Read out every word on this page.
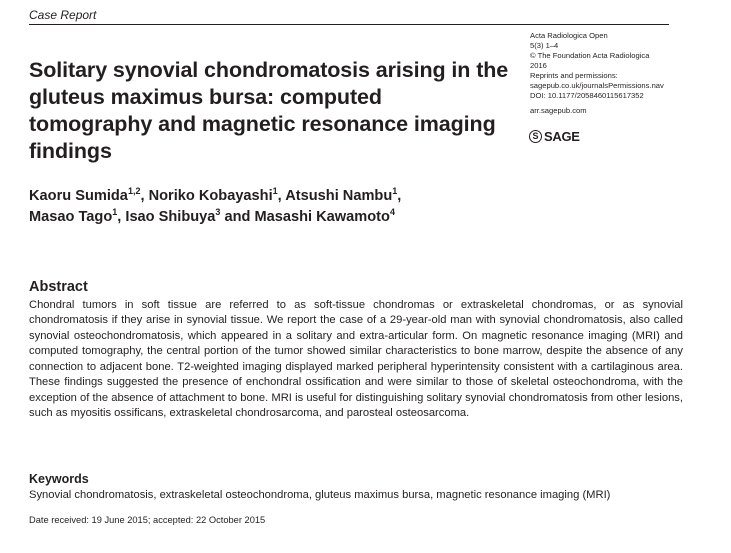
Case Report
Solitary synovial chondromatosis arising in the gluteus maximus bursa: computed tomography and magnetic resonance imaging findings
Acta Radiologica Open
5(3) 1–4
© The Foundation Acta Radiologica
2016
Reprints and permissions:
sagepub.co.uk/journalsPermissions.nav
DOI: 10.1177/2058460115617352
arr.sagepub.com
S SAGE
Kaoru Sumida$^{1,2}$, Noriko Kobayashi$^1$, Atsushi Nambu$^1$,
Masao Tago$^1$, Isao Shibuya$^3$ and Masashi Kawamoto$^4$
Abstract

Chondral tumors in soft tissue are referred to as soft-tissue chondromas or extraskeletal chondromas, or as synovial chondromatosis if they arise in synovial tissue. We report the case of a 29-year-old man with synovial chondromatosis, also called synovial osteochondromatosis, which appeared in a solitary and extra-articular form. On magnetic resonance imaging (MRI) and computed tomography, the central portion of the tumor showed similar characteristics to bone marrow, despite the absence of any connection to adjacent bone. T2-weighted imaging displayed marked peripheral hyperintensity consistent with a cartilaginous area. These findings suggested the presence of enchondral ossification and were similar to those of skeletal osteochondroma, with the exception of the absence of attachment to bone. MRI is useful for distinguishing solitary synovial chondromatosis from other lesions, such as myositis ossificans, extraskeletal chondrosarcoma, and parosteal osteosarcoma.

Keywords

Synovial chondromatosis, extraskeletal osteochondroma, gluteus maximus bursa, magnetic resonance imaging (MRI)

Date received: 19 June 2015; accepted: 22 October 2015
